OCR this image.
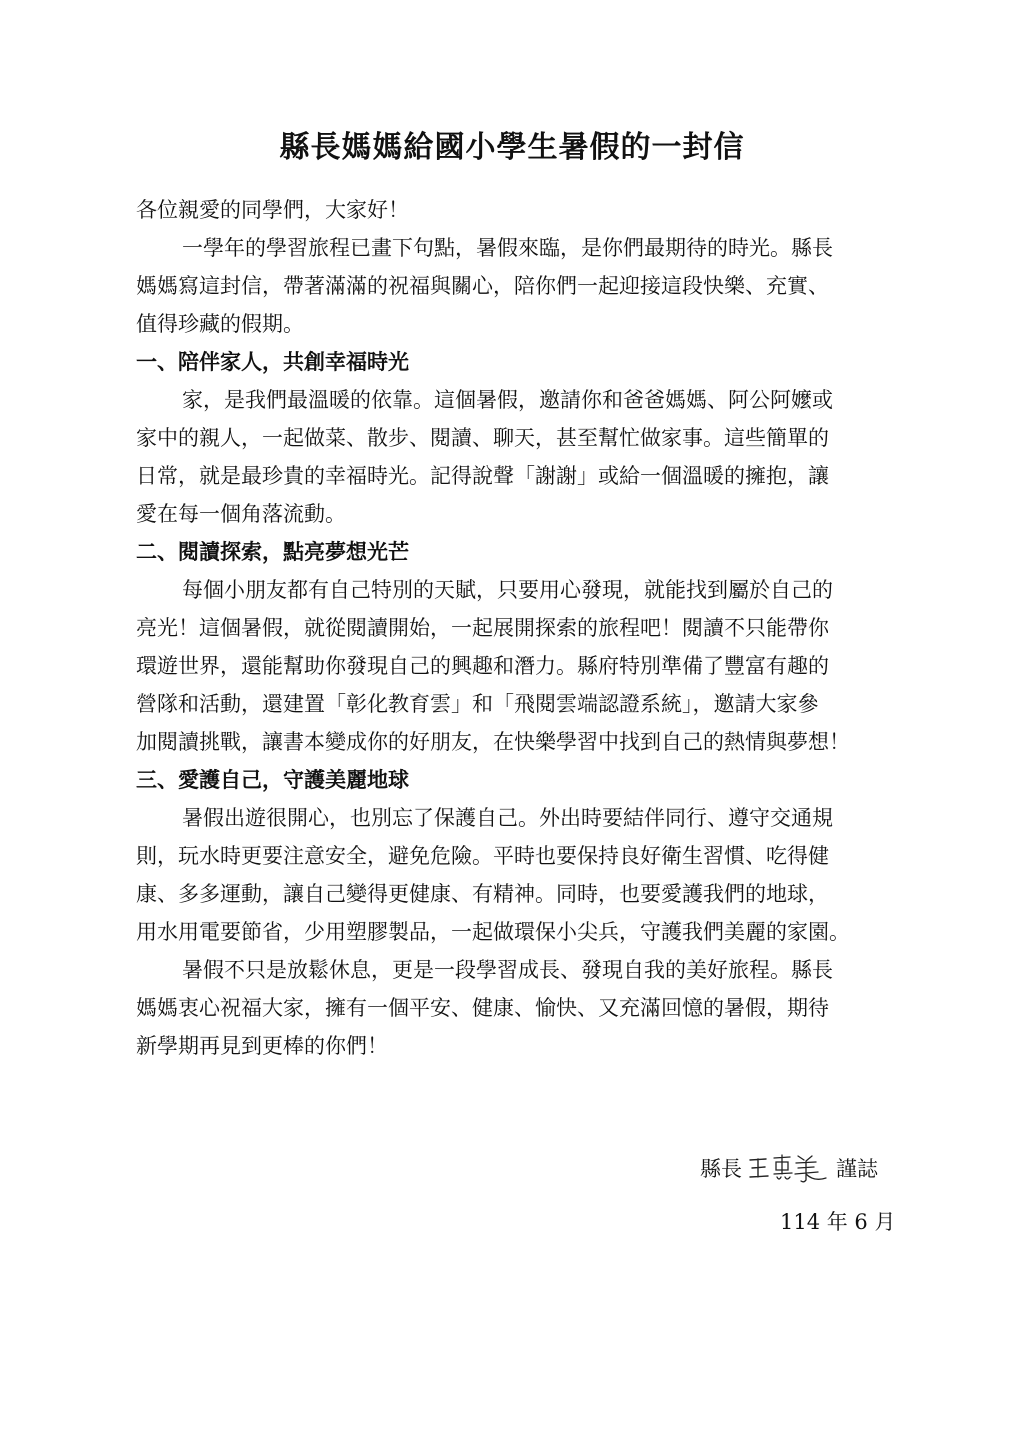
縣長媽媽給國小學生暑假的一封信

各位親愛的同學們，大家好！

一學年的學習旅程已畫下句點，暑假來臨，是你們最期待的時光。縣長

媽媽寫這封信，帶著滿滿的祝福與關心，陪你們一起迎接這段快樂、充實、

值得珍藏的假期。

一、陪伴家人，共創幸福時光

家，是我們最溫暖的依靠。這個暑假，邀請你和爸爸媽媽、阿公阿嬤或

家中的親人，一起做菜、散步、閱讀、聊天，甚至幫忙做家事。這些簡單的

日常，就是最珍貴的幸福時光。記得說聲「謝謝」或給一個溫暖的擁抱，讓

愛在每一個角落流動。

二、閱讀探索，點亮夢想光芒

每個小朋友都有自己特別的天賦，只要用心發現，就能找到屬於自己的

亮光！這個暑假，就從閱讀開始，一起展開探索的旅程吧！閱讀不只能帶你

環遊世界，還能幫助你發現自己的興趣和潛力。縣府特別準備了豐富有趣的

營隊和活動，還建置「彰化教育雲」和「飛閱雲端認證系統」，邀請大家參

加閱讀挑戰，讓書本變成你的好朋友，在快樂學習中找到自己的熱情與夢想！

三、愛護自己，守護美麗地球

暑假出遊很開心，也別忘了保護自己。外出時要結伴同行、遵守交通規

則，玩水時更要注意安全，避免危險。平時也要保持良好衛生習慣、吃得健

康、多多運動，讓自己變得更健康、有精神。同時，也要愛護我們的地球，

用水用電要節省，少用塑膠製品，一起做環保小尖兵，守護我們美麗的家園。

暑假不只是放鬆休息，更是一段學習成長、發現自我的美好旅程。縣長

媽媽衷心祝福大家，擁有一個平安、健康、愉快、又充滿回憶的暑假，期待

新學期再見到更棒的你們！

縣長	謹誌
114 年 6 月
